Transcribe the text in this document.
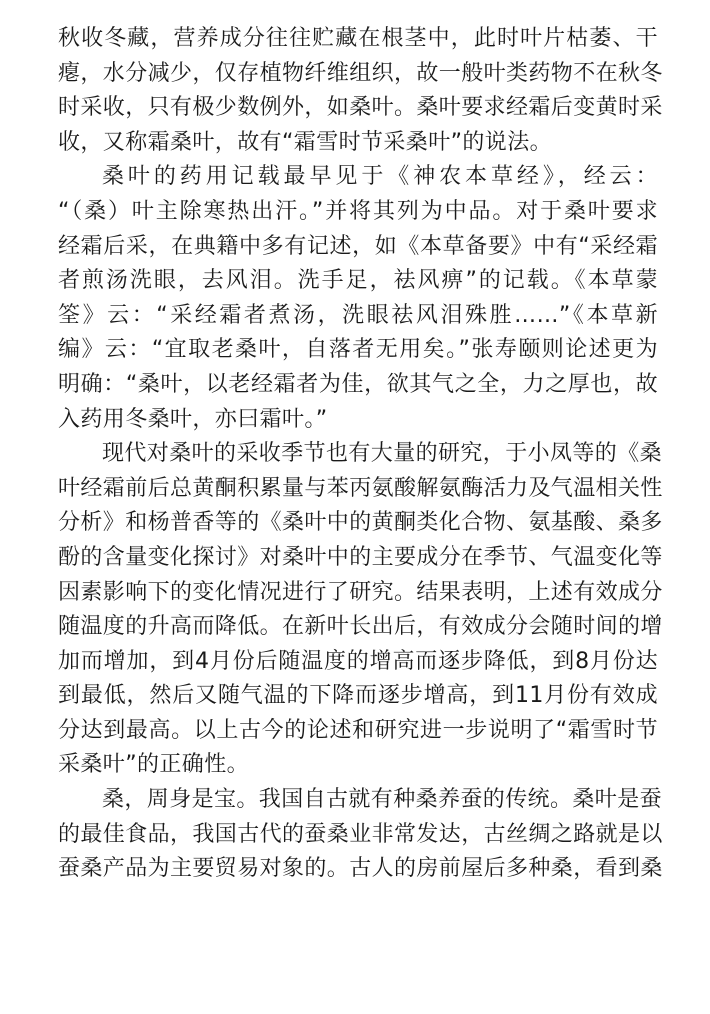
秋收冬藏，营养成分往往贮藏在根茎中，此时叶片枯萎、干
瘪，水分减少，仅存植物纤维组织，故一般叶类药物不在秋冬
时采收，只有极少数例外，如桑叶。桑叶要求经霜后变黄时采
收，又称霜桑叶，故有“霜雪时节采桑叶”的说法。
桑叶的药用记载最早见于《神农本草经》，经云：
“（桑）叶主除寒热出汗。”并将其列为中品。对于桑叶要求
经霜后采，在典籍中多有记述，如《本草备要》中有“采经霜
者煎汤洗眼，去风泪。洗手足，祛风痹”的记载。《本草蒙
筌》云：“采经霜者煮汤，洗眼祛风泪殊胜……”《本草新
编》云：“宜取老桑叶，自落者无用矣。”张寿颐则论述更为
明确：“桑叶，以老经霜者为佳，欲其气之全，力之厚也，故
入药用冬桑叶，亦曰霜叶。”
现代对桑叶的采收季节也有大量的研究，于小凤等的《桑
叶经霜前后总黄酮积累量与苯丙氨酸解氨酶活力及气温相关性
分析》和杨普香等的《桑叶中的黄酮类化合物、氨基酸、桑多
酚的含量变化探讨》对桑叶中的主要成分在季节、气温变化等
因素影响下的变化情况进行了研究。结果表明，上述有效成分
随温度的升高而降低。在新叶长出后，有效成分会随时间的增
加而增加，到4月份后随温度的增高而逐步降低，到8月份达
到最低，然后又随气温的下降而逐步增高，到11月份有效成
分达到最高。以上古今的论述和研究进一步说明了“霜雪时节
采桑叶”的正确性。
桑，周身是宝。我国自古就有种桑养蚕的传统。桑叶是蚕
的最佳食品，我国古代的蚕桑业非常发达，古丝绸之路就是以
蚕桑产品为主要贸易对象的。古人的房前屋后多种桑，看到桑
